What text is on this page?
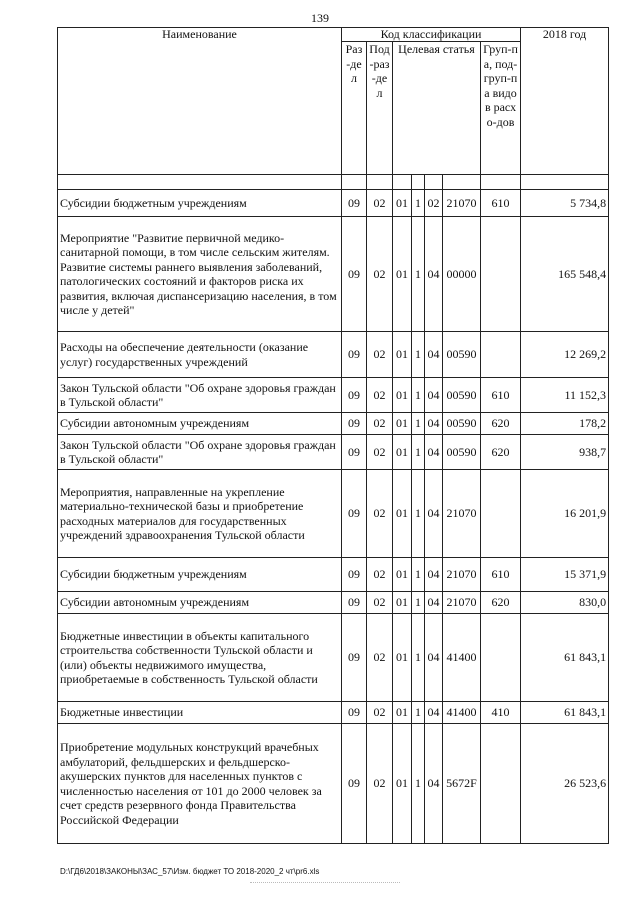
139
Наименование	Код классификации							2018 год

	Раз-дел	Под-раз-дел	Целевая статья				Груп-па, под-груп-па видов расхо-дов	

Субсидии бюджетным учреждениям	09	02	01	1	02	21070	610	5 734,8
Мероприятие "Развитие первичной медико-санитарной помощи, в том числе сельским жителям. Развитие системы раннего выявления заболеваний, патологических состояний и факторов риска их развития, включая диспансеризацию населения, в том числе у детей"	09	02	01	1	04	00000		165 548,4
Расходы на обеспечение деятельности (оказание услуг) государственных учреждений	09	02	01	1	04	00590		12 269,2
Закон Тульской области "Об охране здоровья граждан в Тульской области"	09	02	01	1	04	00590	610	11 152,3
Субсидии автономным учреждениям	09	02	01	1	04	00590	620	178,2
Закон Тульской области "Об охране здоровья граждан в Тульской области"	09	02	01	1	04	00590	620	938,7
Мероприятия, направленные на укрепление материально-технической базы и приобретение расходных материалов для государственных учреждений здравоохранения Тульской области	09	02	01	1	04	21070		16 201,9
Субсидии бюджетным учреждениям	09	02	01	1	04	21070	610	15 371,9
Субсидии автономным учреждениям	09	02	01	1	04	21070	620	830,0
Бюджетные инвестиции в объекты капитального строительства собственности Тульской области и (или) объекты недвижимого имущества, приобретаемые в собственность Тульской области	09	02	01	1	04	41400		61 843,1
Бюджетные инвестиции	09	02	01	1	04	41400	410	61 843,1
Приобретение модульных конструкций врачебных амбулаторий, фельдшерских и фельдшерско-акушерских пунктов для населенных пунктов с численностью населения от 101 до 2000 человек за счет средств резервного фонда Правительства Российской Федерации	09	02	01	1	04	5672F		26 523,6
D:\ГД6\2018\ЗАКОНЫ\ЗАС_57\Изм. бюджет ТО 2018-2020_2 чт\pr6.xls
